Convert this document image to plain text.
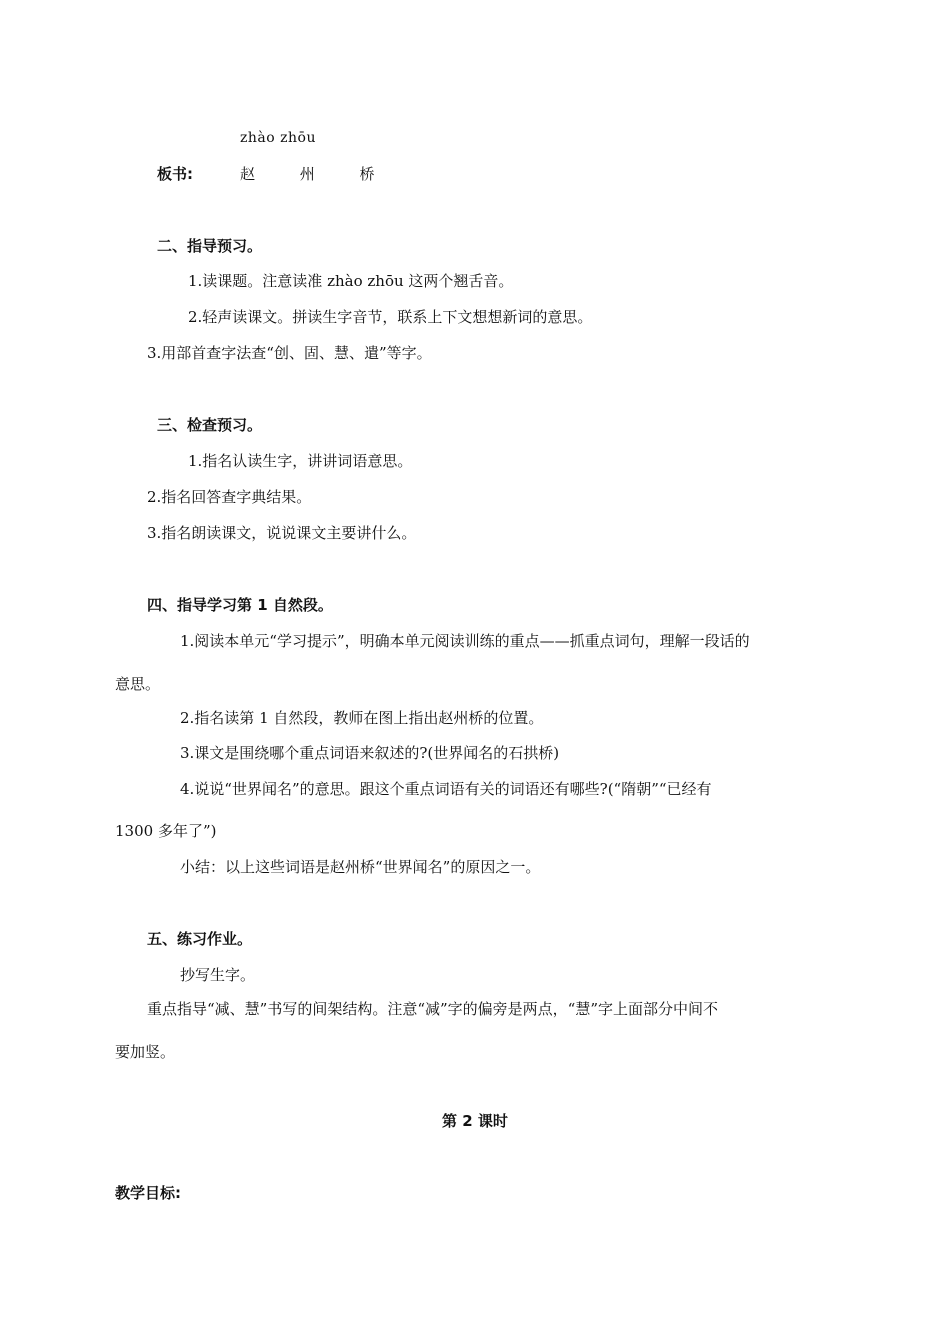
zhào zhōu
板书:	赵 州 桥
二、指导预习。
1.读课题。注意读准 zhào zhōu 这两个翘舌音。
2.轻声读课文。拼读生字音节，联系上下文想想新词的意思。
3.用部首查字法查“创、固、慧、遣”等字。
三、检查预习。
1.指名认读生字，讲讲词语意思。
2.指名回答查字典结果。
3.指名朗读课文，说说课文主要讲什么。
四、指导学习第 1 自然段。
1.阅读本单元“学习提示”，明确本单元阅读训练的重点——抓重点词句，理解一段话的
意思。
2.指名读第 1 自然段，教师在图上指出赵州桥的位置。
3.课文是围绕哪个重点词语来叙述的?(世界闻名的石拱桥)
4.说说“世界闻名”的意思。跟这个重点词语有关的词语还有哪些?(“隋朝”“已经有
1300 多年了”)
小结：以上这些词语是赵州桥“世界闻名”的原因之一。
五、练习作业。
抄写生字。
重点指导“减、慧”书写的间架结构。注意“减”字的偏旁是两点，“慧”字上面部分中间不
要加竖。
第 2 课时
教学目标:
